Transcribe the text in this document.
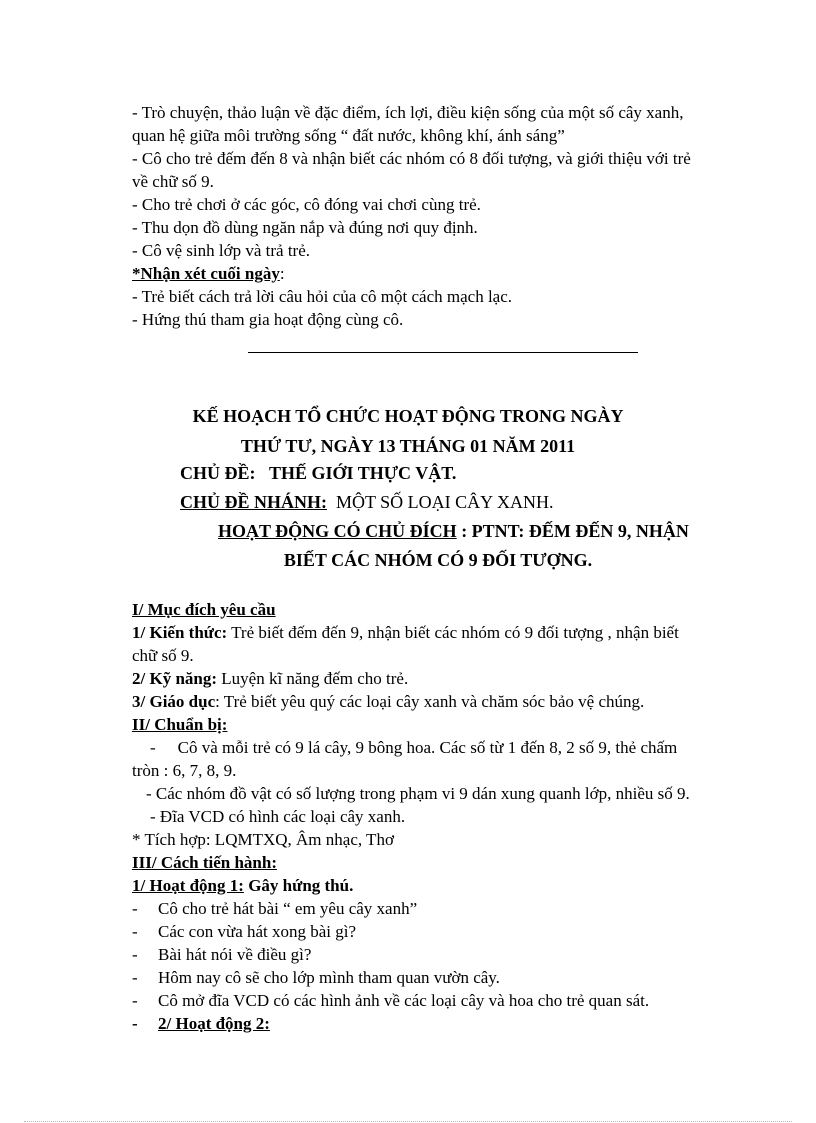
- Trò chuyện, thảo luận về đặc điểm, ích lợi, điều kiện sống của một số cây xanh,
quan hệ giữa môi trường sống “ đất nước, không khí, ánh sáng”
- Cô cho trẻ đếm đến 8 và nhận biết các nhóm có 8 đối tượng, và giới thiệu với trẻ
về chữ số 9.
- Cho trẻ chơi ở các góc, cô đóng vai chơi cùng trẻ.
- Thu dọn đồ dùng ngăn nắp và đúng nơi quy định.
- Cô vệ sinh lớp và trả trẻ.
*Nhận xét cuối ngày:
- Trẻ biết cách trả lời câu hỏi của cô một cách mạch lạc.
- Hứng thú tham gia hoạt động cùng cô.
KẾ HOẠCH TỔ CHỨC HOẠT ĐỘNG TRONG NGÀY
THỨ TƯ, NGÀY 13 THÁNG 01 NĂM 2011
CHỦ ĐỀ: THẾ GIỚI THỰC VẬT.
CHỦ ĐỀ NHÁNH: MỘT SỐ LOẠI CÂY XANH.
HOẠT ĐỘNG CÓ CHỦ ĐÍCH : PTNT: ĐẾM ĐẾN 9, NHẬN
BIẾT CÁC NHÓM CÓ 9 ĐỐI TƯỢNG.
I/ Mục đích yêu cầu
1/ Kiến thức: Trẻ biết đếm đến 9, nhận biết các nhóm có 9 đối tượng , nhận biết
chữ số 9.
2/ Kỹ năng: Luyện kĩ năng đếm cho trẻ.
3/ Giáo dục: Trẻ biết yêu quý các loại cây xanh và chăm sóc bảo vệ chúng.
II/ Chuẩn bị:
- Cô và mỗi trẻ có 9 lá cây, 9 bông hoa. Các số từ 1 đến 8, 2 số 9, thẻ chấm
tròn : 6, 7, 8, 9.
- Các nhóm đồ vật có số lượng trong phạm vi 9 dán xung quanh lớp, nhiều số 9.
- Đĩa VCD có hình các loại cây xanh.
* Tích hợp: LQMTXQ, Âm nhạc, Thơ
III/ Cách tiến hành:
1/ Hoạt động 1: Gây hứng thú.
- Cô cho trẻ hát bài “ em yêu cây xanh”
- Các con vừa hát xong bài gì?
- Bài hát nói về điều gì?
- Hôm nay cô sẽ cho lớp mình tham quan vườn cây.
- Cô mở đĩa VCD có các hình ảnh về các loại cây và hoa cho trẻ quan sát.
- 2/ Hoạt động 2:
